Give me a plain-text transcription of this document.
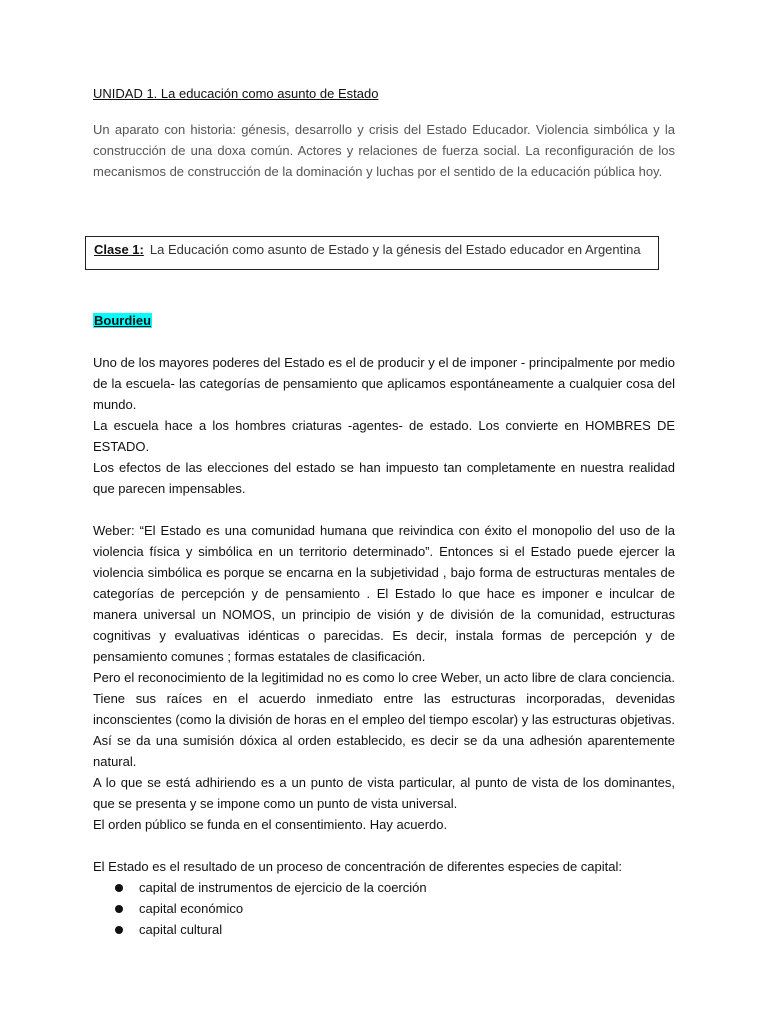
UNIDAD 1. La educación como asunto de Estado

Un aparato con historia: génesis, desarrollo y crisis del Estado Educador. Violencia simbólica y la construcción de una doxa común. Actores y relaciones de fuerza social. La reconfiguración de los mecanismos de construcción de la dominación y luchas por el sentido de la educación pública hoy.

Clase 1: La Educación como asunto de Estado y la génesis del Estado educador en Argentina
Bourdieu

Uno de los mayores poderes del Estado es el de producir y el de imponer - principalmente por medio de la escuela- las categorías de pensamiento que aplicamos espontáneamente a cualquier cosa del mundo.

La escuela hace a los hombres criaturas -agentes- de estado. Los convierte en HOMBRES DE ESTADO.

Los efectos de las elecciones del estado se han impuesto tan completamente en nuestra realidad que parecen impensables.

Weber: “El Estado es una comunidad humana que reivindica con éxito el monopolio del uso de la violencia física y simbólica en un territorio determinado”. Entonces si el Estado puede ejercer la violencia simbólica es porque se encarna en la subjetividad , bajo forma de estructuras mentales de categorías de percepción y de pensamiento . El Estado lo que hace es imponer e inculcar de manera universal un NOMOS, un principio de visión y de división de la comunidad, estructuras cognitivas y evaluativas idénticas o parecidas. Es decir, instala formas de percepción y de pensamiento comunes ; formas estatales de clasificación.

Pero el reconocimiento de la legitimidad no es como lo cree Weber, un acto libre de clara conciencia. Tiene sus raíces en el acuerdo inmediato entre las estructuras incorporadas, devenidas inconscientes (como la división de horas en el empleo del tiempo escolar) y las estructuras objetivas. Así se da una sumisión dóxica al orden establecido, es decir se da una adhesión aparentemente natural.

A lo que se está adhiriendo es a un punto de vista particular, al punto de vista de los dominantes, que se presenta y se impone como un punto de vista universal.

El orden público se funda en el consentimiento. Hay acuerdo.

El Estado es el resultado de un proceso de concentración de diferentes especies de capital:

capital de instrumentos de ejercicio de la coerción
capital económico
capital cultural
